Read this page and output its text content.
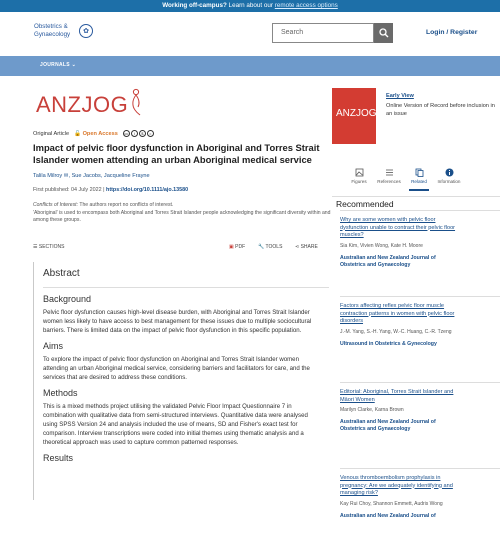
Working off-campus? Learn about our remote access options
Obstetrics &
Gynaecology	✿	Search	Login / Register
JOURNALS ⌄
ANZJOG
Original Article 🔓 Open Access	cc	i	$	=
Impact of pelvic floor dysfunction in Aboriginal and Torres Strait Islander women attending an urban Aboriginal medical service
Talila Milroy ✉, Sue Jacobs, Jacqueline Frayne
First published: 04 July 2022 | https://doi.org/10.1111/ajo.13580
Conflicts of Interest: The authors report no conflicts of interest.
'Aboriginal' is used to encompass both Aboriginal and Torres Strait Islander people acknowledging the significant diversity within and among these groups.
☰ SECTIONS	▣ PDF	🔧 TOOLS	⋖ SHARE
Abstract
Background
Pelvic floor dysfunction causes high-level disease burden, with Aboriginal and Torres Strait Islander women less likely to have access to best management for these issues due to multiple sociocultural barriers. There is limited data on the impact of pelvic floor dysfunction in this specific population.
Aims
To explore the impact of pelvic floor dysfunction on Aboriginal and Torres Strait Islander women attending an urban Aboriginal medical service, considering barriers and facilitators for care, and the services that are desired to address these conditions.
Methods
This is a mixed methods project utilising the validated Pelvic Floor Impact Questionnaire 7 in combination with qualitative data from semi-structured interviews. Quantitative data were analysed using SPSS Version 24 and analysis included the use of means, SD and Fisher's exact test for comparison. Interview transcriptions were coded into initial themes using thematic analysis and a theoretical approach was used to capture common patterned responses.
Results
ANZJOG
Early View
Online Version of Record before inclusion in an issue
Figures	References	Related	Information
Recommended
Why are some women with pelvic floor dysfunction unable to contract their pelvic floor muscles?
Sia Kim, Vivien Wong, Kate H. Moore
Australian and New Zealand Journal of Obstetrics and Gynaecology
Factors affecting reflex pelvic floor muscle contraction patterns in women with pelvic floor disorders
J.-M. Yang, S.-H. Yang, W.-C. Huang, C.-R. Tzeng
Ultrasound in Obstetrics & Gynecology
Editorial: Aboriginal, Torres Strait Islander and Māori Women
Marilyn Clarke, Karna Brown
Australian and New Zealand Journal of Obstetrics and Gynaecology
Venous thromboembolism prophylaxis in pregnancy: Are we adequately identifying and managing risk?
Kay Rui Choy, Shannon Emmett, Audris Wong
Australian and New Zealand Journal of
